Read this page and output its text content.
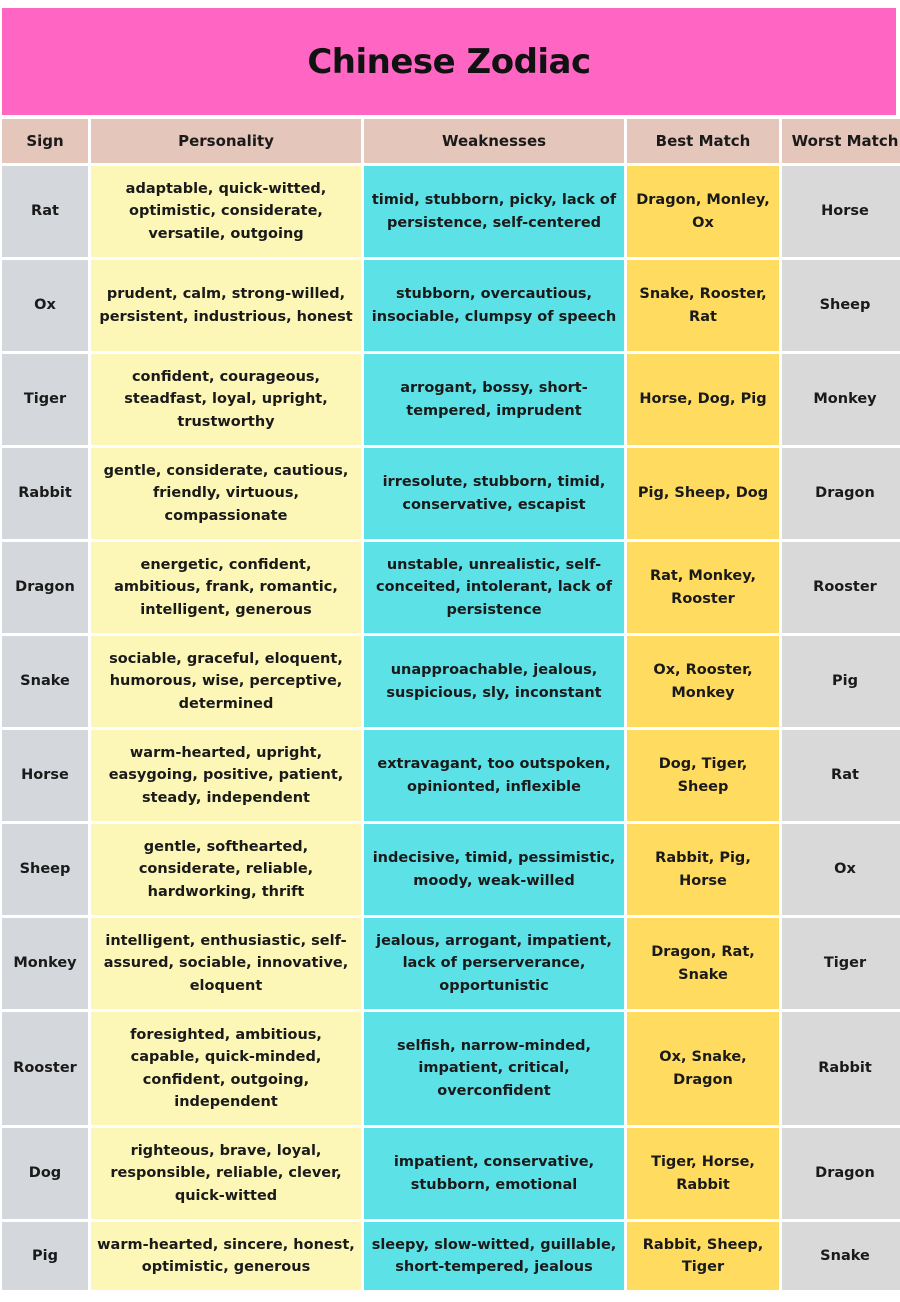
Chinese Zodiac
Sign	Personality	Weaknesses	Best Match	Worst Match
Rat	adaptable, quick-witted, optimistic, considerate, versatile, outgoing	timid, stubborn, picky, lack of persistence, self-centered	Dragon, Monley, Ox	Horse
Ox	prudent, calm, strong-willed, persistent, industrious, honest	stubborn, overcautious, insociable, clumpsy of speech	Snake, Rooster, Rat	Sheep
Tiger	confident, courageous, steadfast, loyal, upright, trustworthy	arrogant, bossy, short-tempered, imprudent	Horse, Dog, Pig	Monkey
Rabbit	gentle, considerate, cautious, friendly, virtuous, compassionate	irresolute, stubborn, timid, conservative, escapist	Pig, Sheep, Dog	Dragon
Dragon	energetic, confident, ambitious, frank, romantic, intelligent, generous	unstable, unrealistic, self-conceited, intolerant, lack of persistence	Rat, Monkey, Rooster	Rooster
Snake	sociable, graceful, eloquent, humorous, wise, perceptive, determined	unapproachable, jealous, suspicious, sly, inconstant	Ox, Rooster, Monkey	Pig
Horse	warm-hearted, upright, easygoing, positive, patient, steady, independent	extravagant, too outspoken, opinionted, inflexible	Dog, Tiger, Sheep	Rat
Sheep	gentle, softhearted, considerate, reliable, hardworking, thrift	indecisive, timid, pessimistic, moody, weak-willed	Rabbit, Pig, Horse	Ox
Monkey	intelligent, enthusiastic, self-assured, sociable, innovative, eloquent	jealous, arrogant, impatient, lack of perserverance, opportunistic	Dragon, Rat, Snake	Tiger
Rooster	foresighted, ambitious, capable, quick-minded, confident, outgoing, independent	selfish, narrow-minded, impatient, critical, overconfident	Ox, Snake, Dragon	Rabbit
Dog	righteous, brave, loyal, responsible, reliable, clever, quick-witted	impatient, conservative, stubborn, emotional	Tiger, Horse, Rabbit	Dragon
Pig	warm-hearted, sincere, honest, optimistic, generous	sleepy, slow-witted, guillable, short-tempered, jealous	Rabbit, Sheep, Tiger	Snake
